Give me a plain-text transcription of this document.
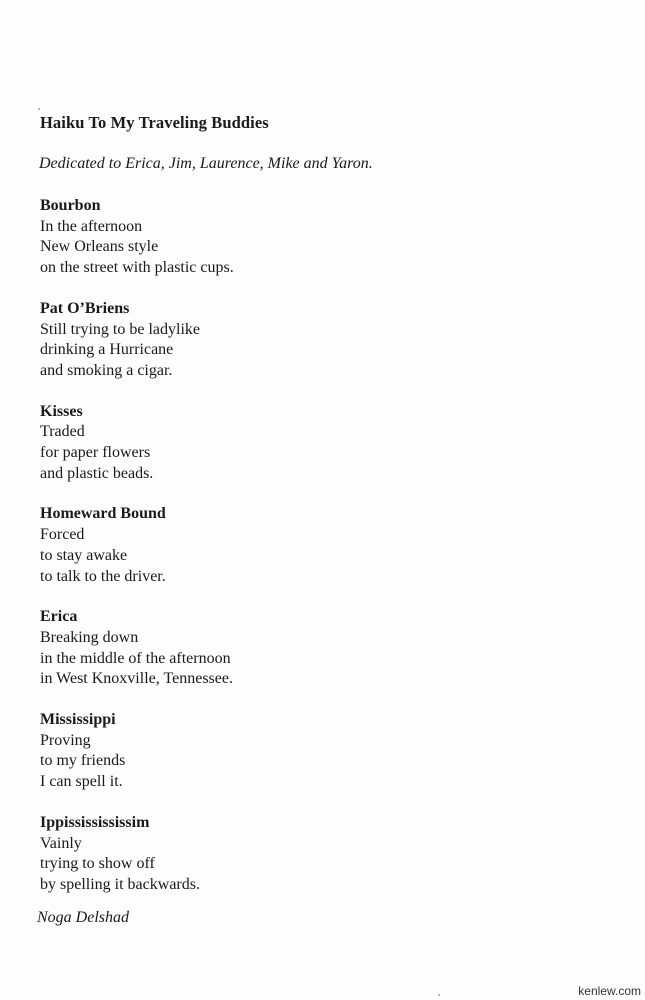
Haiku To My Traveling Buddies
Dedicated to Erica, Jim, Laurence, Mike and Yaron.
Bourbon
In the afternoon
New Orleans style
on the street with plastic cups.
Pat O’Briens
Still trying to be ladylike
drinking a Hurricane
and smoking a cigar.
Kisses
Traded
for paper flowers
and plastic beads.
Homeward Bound
Forced
to stay awake
to talk to the driver.
Erica
Breaking down
in the middle of the afternoon
in West Knoxville, Tennessee.
Mississippi
Proving
to my friends
I can spell it.
Ippississississim
Vainly
trying to show off
by spelling it backwards.
Noga Delshad
kenlew.com
